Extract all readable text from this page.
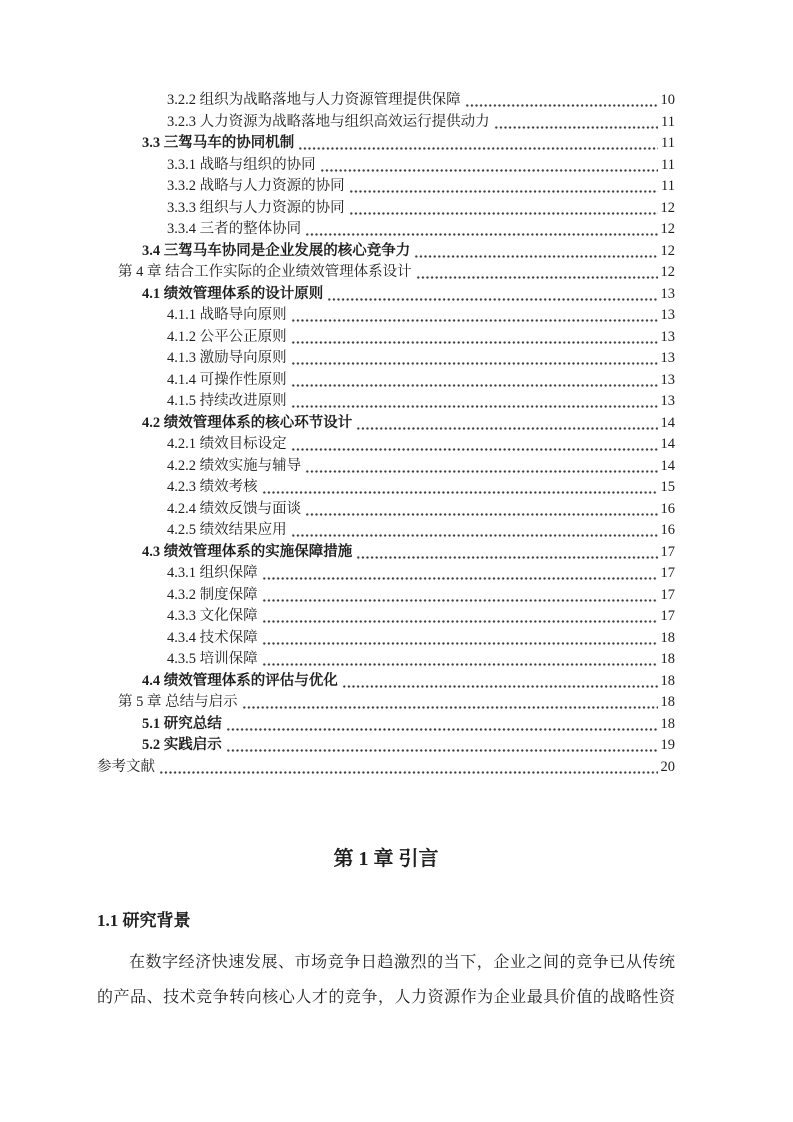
3.2.2 组织为战略落地与人力资源管理提供保障	10
3.2.3 人力资源为战略落地与组织高效运行提供动力	11
3.3 三驾马车的协同机制	11
3.3.1 战略与组织的协同	11
3.3.2 战略与人力资源的协同	11
3.3.3 组织与人力资源的协同	12
3.3.4 三者的整体协同	12
3.4 三驾马车协同是企业发展的核心竞争力	12
第 4 章 结合工作实际的企业绩效管理体系设计	12
4.1 绩效管理体系的设计原则	13
4.1.1 战略导向原则	13
4.1.2 公平公正原则	13
4.1.3 激励导向原则	13
4.1.4 可操作性原则	13
4.1.5 持续改进原则	13
4.2 绩效管理体系的核心环节设计	14
4.2.1 绩效目标设定	14
4.2.2 绩效实施与辅导	14
4.2.3 绩效考核	15
4.2.4 绩效反馈与面谈	16
4.2.5 绩效结果应用	16
4.3 绩效管理体系的实施保障措施	17
4.3.1 组织保障	17
4.3.2 制度保障	17
4.3.3 文化保障	17
4.3.4 技术保障	18
4.3.5 培训保障	18
4.4 绩效管理体系的评估与优化	18
第 5 章 总结与启示	18
5.1 研究总结	18
5.2 实践启示	19
参考文献	20
第 1 章 引言
1.1 研究背景
在数字经济快速发展、市场竞争日趋激烈的当下，企业之间的竞争已从传统
的产品、技术竞争转向核心人才的竞争，人力资源作为企业最具价值的战略性资
